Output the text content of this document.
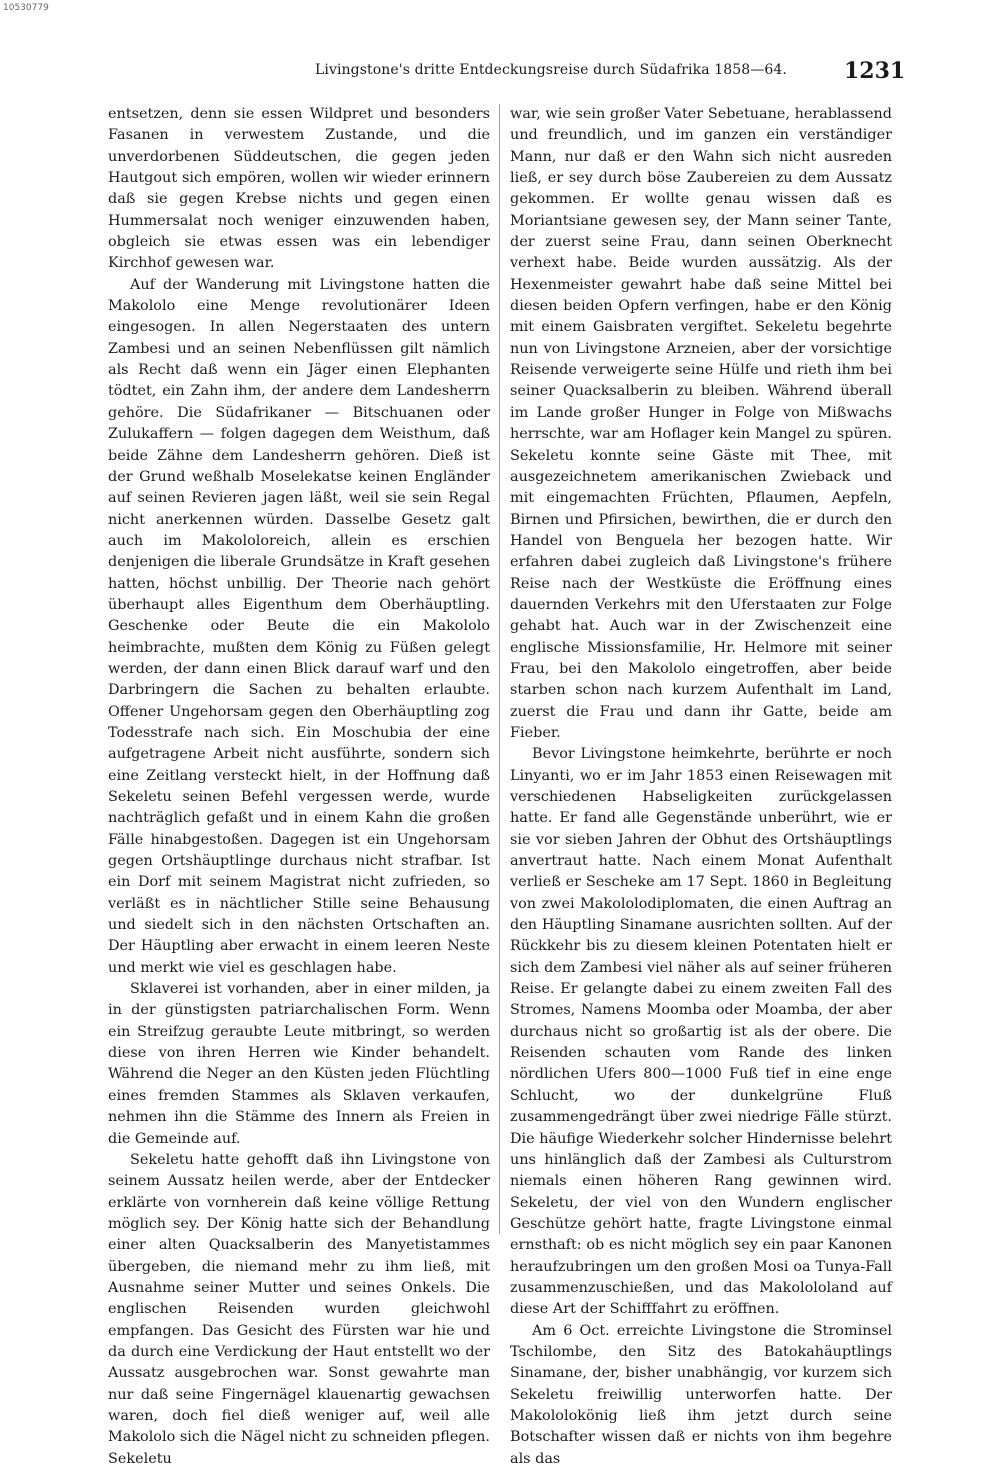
10530779
Livingstone's dritte Entdeckungsreise durch Südafrika 1858—64.	1231

entsetzen, denn sie essen Wildpret und besonders Fasanen in verwestem Zustande, und die unverdorbenen Süddeutschen, die gegen jeden Hautgout sich empören, wollen wir wieder erinnern daß sie gegen Krebse nichts und gegen einen Hummersalat noch weniger einzuwenden haben, obgleich sie etwas essen was ein lebendiger Kirchhof gewesen war.

Auf der Wanderung mit Livingstone hatten die Makololo eine Menge revolutionärer Ideen eingesogen. In allen Negerstaaten des untern Zambesi und an seinen Nebenflüssen gilt nämlich als Recht daß wenn ein Jäger einen Elephanten tödtet, ein Zahn ihm, der andere dem Landesherrn gehöre. Die Südafrikaner — Bitschuanen oder Zulukaffern — folgen dagegen dem Weisthum, daß beide Zähne dem Landesherrn gehören. Dieß ist der Grund weßhalb Moselekatse keinen Engländer auf seinen Revieren jagen läßt, weil sie sein Regal nicht anerkennen würden. Dasselbe Gesetz galt auch im Makololoreich, allein es erschien denjenigen die liberale Grundsätze in Kraft gesehen hatten, höchst unbillig. Der Theorie nach gehört überhaupt alles Eigenthum dem Oberhäuptling. Geschenke oder Beute die ein Makololo heimbrachte, mußten dem König zu Füßen gelegt werden, der dann einen Blick darauf warf und den Darbringern die Sachen zu behalten erlaubte. Offener Ungehorsam gegen den Oberhäuptling zog Todesstrafe nach sich. Ein Moschubia der eine aufgetragene Arbeit nicht ausführte, sondern sich eine Zeitlang versteckt hielt, in der Hoffnung daß Sekeletu seinen Befehl vergessen werde, wurde nachträglich gefaßt und in einem Kahn die großen Fälle hinabgestoßen. Dagegen ist ein Ungehorsam gegen Ortshäuptlinge durchaus nicht strafbar. Ist ein Dorf mit seinem Magistrat nicht zufrieden, so verläßt es in nächtlicher Stille seine Behausung und siedelt sich in den nächsten Ortschaften an. Der Häuptling aber erwacht in einem leeren Neste und merkt wie viel es geschlagen habe.

Sklaverei ist vorhanden, aber in einer milden, ja in der günstigsten patriarchalischen Form. Wenn ein Streifzug geraubte Leute mitbringt, so werden diese von ihren Herren wie Kinder behandelt. Während die Neger an den Küsten jeden Flüchtling eines fremden Stammes als Sklaven verkaufen, nehmen ihn die Stämme des Innern als Freien in die Gemeinde auf.

Sekeletu hatte gehofft daß ihn Livingstone von seinem Aussatz heilen werde, aber der Entdecker erklärte von vornherein daß keine völlige Rettung möglich sey. Der König hatte sich der Behandlung einer alten Quacksalberin des Manyetistammes übergeben, die niemand mehr zu ihm ließ, mit Ausnahme seiner Mutter und seines Onkels. Die englischen Reisenden wurden gleichwohl empfangen. Das Gesicht des Fürsten war hie und da durch eine Verdickung der Haut entstellt wo der Aussatz ausgebrochen war. Sonst gewahrte man nur daß seine Fingernägel klauenartig gewachsen waren, doch fiel dieß weniger auf, weil alle Makololo sich die Nägel nicht zu schneiden pflegen. Sekeletu

war, wie sein großer Vater Sebetuane, herablassend und freundlich, und im ganzen ein verständiger Mann, nur daß er den Wahn sich nicht ausreden ließ, er sey durch böse Zaubereien zu dem Aussatz gekommen. Er wollte genau wissen daß es Moriantsiane gewesen sey, der Mann seiner Tante, der zuerst seine Frau, dann seinen Oberknecht verhext habe. Beide wurden aussätzig. Als der Hexenmeister gewahrt habe daß seine Mittel bei diesen beiden Opfern verfingen, habe er den König mit einem Gaisbraten vergiftet. Sekeletu begehrte nun von Livingstone Arzneien, aber der vorsichtige Reisende verweigerte seine Hülfe und rieth ihm bei seiner Quacksalberin zu bleiben. Während überall im Lande großer Hunger in Folge von Mißwachs herrschte, war am Hoflager kein Mangel zu spüren. Sekeletu konnte seine Gäste mit Thee, mit ausgezeichnetem amerikanischen Zwieback und mit eingemachten Früchten, Pflaumen, Aepfeln, Birnen und Pfirsichen, bewirthen, die er durch den Handel von Benguela her bezogen hatte. Wir erfahren dabei zugleich daß Livingstone's frühere Reise nach der Westküste die Eröffnung eines dauernden Verkehrs mit den Uferstaaten zur Folge gehabt hat. Auch war in der Zwischenzeit eine englische Missionsfamilie, Hr. Helmore mit seiner Frau, bei den Makololo eingetroffen, aber beide starben schon nach kurzem Aufenthalt im Land, zuerst die Frau und dann ihr Gatte, beide am Fieber.

Bevor Livingstone heimkehrte, berührte er noch Linyanti, wo er im Jahr 1853 einen Reisewagen mit verschiedenen Habseligkeiten zurückgelassen hatte. Er fand alle Gegenstände unberührt, wie er sie vor sieben Jahren der Obhut des Ortshäuptlings anvertraut hatte. Nach einem Monat Aufenthalt verließ er Sescheke am 17 Sept. 1860 in Begleitung von zwei Makololodiplomaten, die einen Auftrag an den Häuptling Sinamane ausrichten sollten. Auf der Rückkehr bis zu diesem kleinen Potentaten hielt er sich dem Zambesi viel näher als auf seiner früheren Reise. Er gelangte dabei zu einem zweiten Fall des Stromes, Namens Moomba oder Moamba, der aber durchaus nicht so großartig ist als der obere. Die Reisenden schauten vom Rande des linken nördlichen Ufers 800—1000 Fuß tief in eine enge Schlucht, wo der dunkelgrüne Fluß zusammengedrängt über zwei niedrige Fälle stürzt. Die häufige Wiederkehr solcher Hindernisse belehrt uns hinlänglich daß der Zambesi als Culturstrom niemals einen höheren Rang gewinnen wird. Sekeletu, der viel von den Wundern englischer Geschütze gehört hatte, fragte Livingstone einmal ernsthaft: ob es nicht möglich sey ein paar Kanonen heraufzubringen um den großen Mosi oa Tunya-Fall zusammenzuschießen, und das Makolololand auf diese Art der Schifffahrt zu eröffnen.

Am 6 Oct. erreichte Livingstone die Strominsel Tschilombe, den Sitz des Batokahäuptlings Sinamane, der, bisher unabhängig, vor kurzem sich Sekeletu freiwillig unterworfen hatte. Der Makololokönig ließ ihm jetzt durch seine Botschafter wissen daß er nichts von ihm begehre als das
